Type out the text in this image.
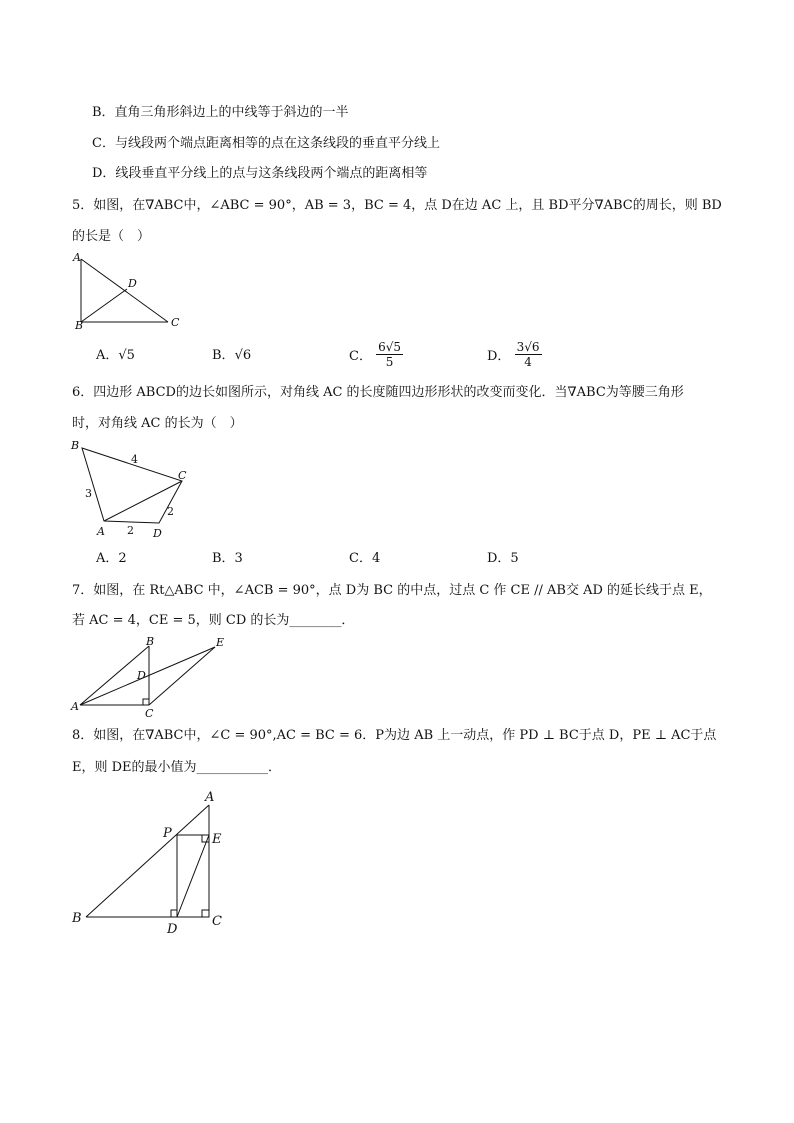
B．直角三角形斜边上的中线等于斜边的一半
C．与线段两个端点距离相等的点在这条线段的垂直平分线上
D．线段垂直平分线上的点与这条线段两个端点的距离相等
5．如图，在∇ABC中，∠ABC = 90°，AB = 3，BC = 4，点 D在边 AC 上，且 BD平分∇ABC的周长，则 BD
的长是（　）
A
B	C
D
A．√5	B．√6	C． $\frac{6√5}{5}$	D． $\frac{3√6}{4}$
6．四边形 ABCD的边长如图所示，对角线 AC 的长度随四边形形状的改变而变化．当∇ABC为等腰三角形
时，对角线 AC 的长为（　）
B
C
A	D
4
3
2
2
A．2	B．3	C．4	D．5
7．如图，在 Rt△ABC 中，∠ACB = 90°，点 D为 BC 的中点，过点 C 作 CE // AB交 AD 的延长线于点 E，
若 AC = 4，CE = 5，则 CD 的长为________．
B	E
D
A
C
8．如图，在∇ABC中，∠C = 90°,AC = BC = 6．P为边 AB 上一动点，作 PD ⊥ BC于点 D，PE ⊥ AC于点
E，则 DE的最小值为___________．
A
P	E
B
D
C
